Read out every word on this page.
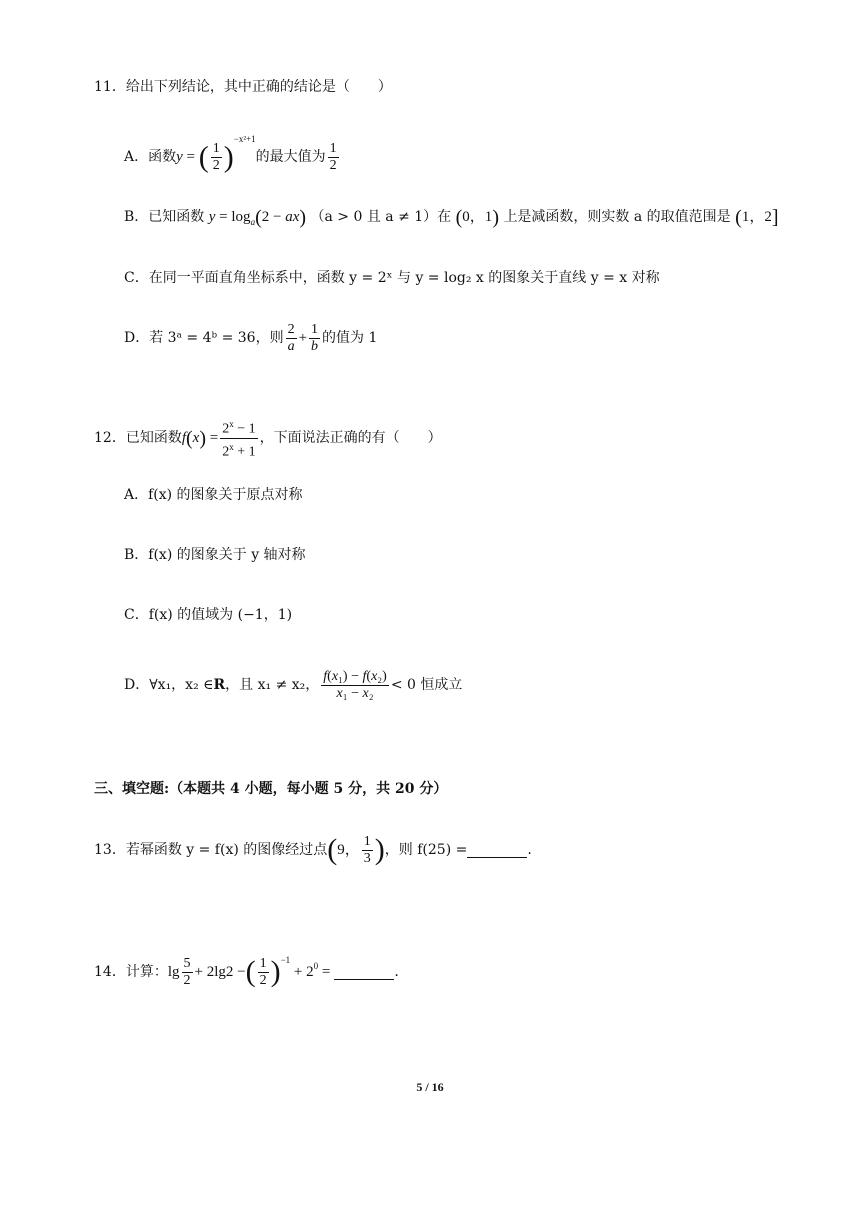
11．给出下列结论，其中正确的结论是（　　）
A．函数 y = ( $\frac{1}{2} )^{-x^2+1}$
的最大值为 $\frac{1}{2}$
B．已知函数 $y = \log_a(2 - ax) (a > 0$ 且 a ≠ 1）在 (0，1) 上是减函数，则实数 a 的取值范围是 (1，2]
C．在同一平面直角坐标系中，函数 y = 2ˣ 与 y = log₂ x 的图象关于直线 y = x 对称
D．若 3ᵃ = 4ᵇ = 36，则 $\frac{2}{a} + \frac{1}{b}$ 的值为 1
12．已知函数 $f(x) = \frac{2^x - 1}{2^x + 1}$ ，下面说法正确的有（　　）
A．f(x) 的图象关于原点对称
B．f(x) 的图象关于 y 轴对称
C．f(x) 的值域为 (−1，1)
D．∀x₁，x₂ ∈ R ，且 x₁ ≠ x₂， $\frac{\text{f(x₁) − f(x₂)}}{\text{x₁ − x₂}} < 0$ 恒成立
三、填空题:（本题共 4 小题，每小题 5 分，共 20 分）
13．若幂函数 y = f(x) 的图像经过点 ( 9， $\frac{1}{3}$ ) ，则 f(25) =	.
14．计算： $\lg \frac{5}{2} + 2\lg 2$ − ( $\frac{1}{2} )^{-1}$
+ $2^0$ =	.
5 / 16
